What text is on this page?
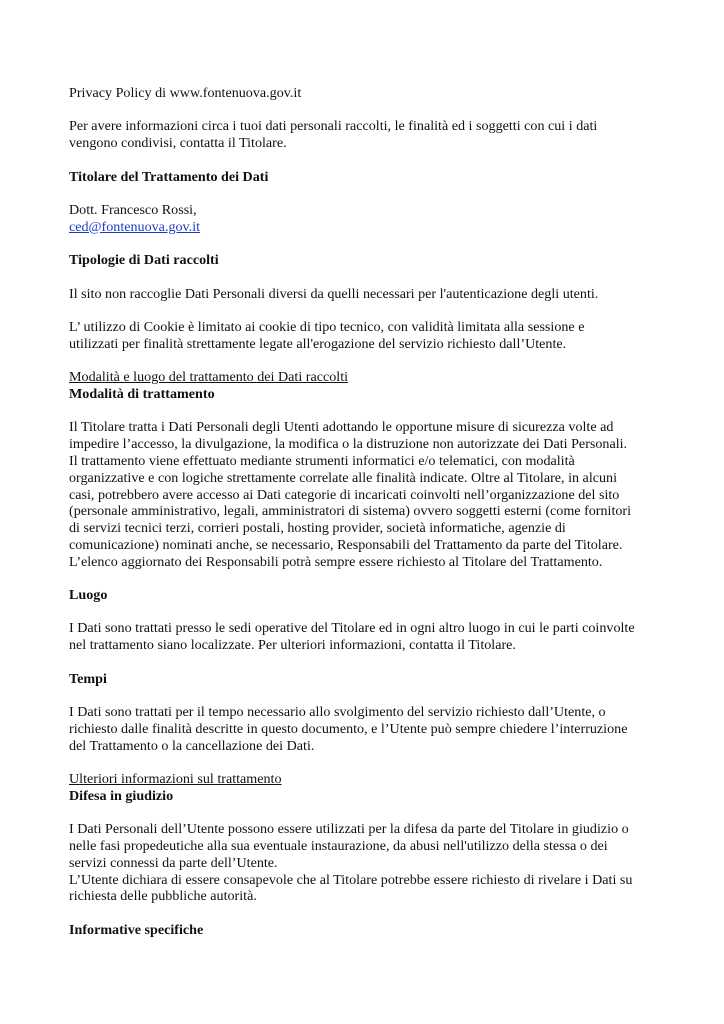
Privacy Policy di www.fontenuova.gov.it

Per avere informazioni circa i tuoi dati personali raccolti, le finalità ed i soggetti con cui i dati
vengono condivisi, contatta il Titolare.

Titolare del Trattamento dei Dati

Dott. Francesco Rossi,
ced@fontenuova.gov.it

Tipologie di Dati raccolti

Il sito non raccoglie Dati Personali diversi da quelli necessari per l'autenticazione degli utenti.

L’ utilizzo di Cookie è limitato ai cookie di tipo tecnico, con validità limitata alla sessione e
utilizzati per finalità strettamente legate all'erogazione del servizio richiesto dall’Utente.

Modalità e luogo del trattamento dei Dati raccolti
Modalità di trattamento

Il Titolare tratta i Dati Personali degli Utenti adottando le opportune misure di sicurezza volte ad
impedire l’accesso, la divulgazione, la modifica o la distruzione non autorizzate dei Dati Personali.
Il trattamento viene effettuato mediante strumenti informatici e/o telematici, con modalità
organizzative e con logiche strettamente correlate alle finalità indicate. Oltre al Titolare, in alcuni
casi, potrebbero avere accesso ai Dati categorie di incaricati coinvolti nell’organizzazione del sito
(personale amministrativo, legali, amministratori di sistema) ovvero soggetti esterni (come fornitori
di servizi tecnici terzi, corrieri postali, hosting provider, società informatiche, agenzie di
comunicazione) nominati anche, se necessario, Responsabili del Trattamento da parte del Titolare.
L’elenco aggiornato dei Responsabili potrà sempre essere richiesto al Titolare del Trattamento.

Luogo

I Dati sono trattati presso le sedi operative del Titolare ed in ogni altro luogo in cui le parti coinvolte
nel trattamento siano localizzate. Per ulteriori informazioni, contatta il Titolare.

Tempi

I Dati sono trattati per il tempo necessario allo svolgimento del servizio richiesto dall’Utente, o
richiesto dalle finalità descritte in questo documento, e l’Utente può sempre chiedere l’interruzione
del Trattamento o la cancellazione dei Dati.

Ulteriori informazioni sul trattamento
Difesa in giudizio

I Dati Personali dell’Utente possono essere utilizzati per la difesa da parte del Titolare in giudizio o
nelle fasi propedeutiche alla sua eventuale instaurazione, da abusi nell'utilizzo della stessa o dei
servizi connessi da parte dell’Utente.
L’Utente dichiara di essere consapevole che al Titolare potrebbe essere richiesto di rivelare i Dati su
richiesta delle pubbliche autorità.

Informative specifiche
